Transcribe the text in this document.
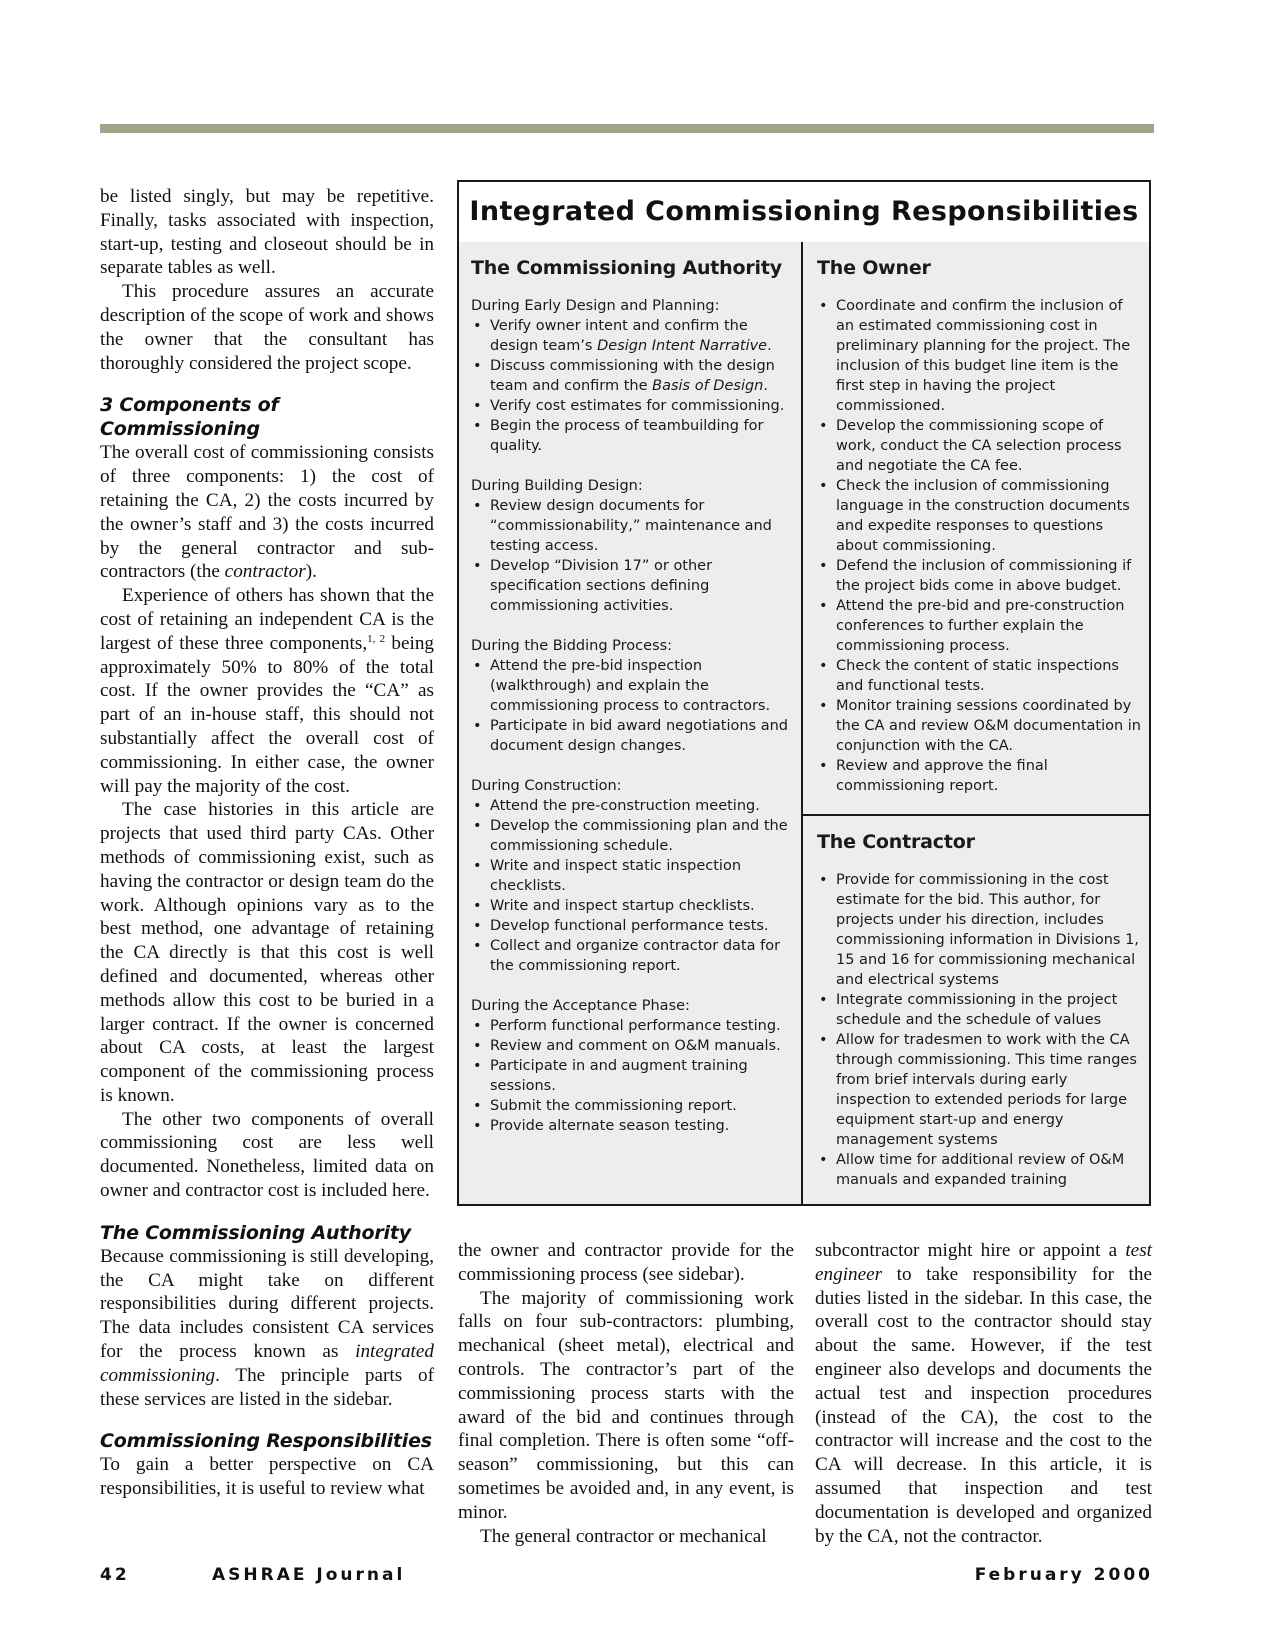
be listed singly, but may be repetitive. Finally, tasks associated with inspection, start-up, testing and closeout should be in separate tables as well.

This procedure assures an accurate description of the scope of work and shows the owner that the consultant has thoroughly considered the project scope.

3 Components of Commissioning

The overall cost of commissioning consists of three components: 1) the cost of retaining the CA, 2) the costs incurred by the owner’s staff and 3) the costs incurred by the general contractor and sub-contractors (the contractor).

Experience of others has shown that the cost of retaining an independent CA is the largest of these three components,$^{1, 2}$ being approximately 50% to 80% of the total cost. If the owner provides the “CA” as part of an in-house staff, this should not substantially affect the overall cost of commissioning. In either case, the owner will pay the majority of the cost.

The case histories in this article are projects that used third party CAs. Other methods of commissioning exist, such as having the contractor or design team do the work. Although opinions vary as to the best method, one advantage of retaining the CA directly is that this cost is well defined and documented, whereas other methods allow this cost to be buried in a larger contract. If the owner is concerned about CA costs, at least the largest component of the commissioning process is known.

The other two components of overall commissioning cost are less well documented. Nonetheless, limited data on owner and contractor cost is included here.

The Commissioning Authority

Because commissioning is still developing, the CA might take on different responsibilities during different projects. The data includes consistent CA services for the process known as integrated commissioning. The principle parts of these services are listed in the sidebar.

Commissioning Responsibilities

To gain a better perspective on CA responsibilities, it is useful to review what

Integrated Commissioning Responsibilities
The Commissioning Authority

During Early Design and Planning:

• Verify owner intent and confirm the design team’s Design Intent Narrative.
• Discuss commissioning with the design team and confirm the Basis of Design.
• Verify cost estimates for commissioning.
• Begin the process of teambuilding for quality.

During Building Design:

• Review design documents for “commissionability,” maintenance and testing access.
• Develop “Division 17” or other specification sections defining commissioning activities.

During the Bidding Process:

• Attend the pre-bid inspection (walkthrough) and explain the commissioning process to contractors.
• Participate in bid award negotiations and document design changes.

During Construction:

• Attend the pre-construction meeting.
• Develop the commissioning plan and the commissioning schedule.
• Write and inspect static inspection checklists.
• Write and inspect startup checklists.
• Develop functional performance tests.
• Collect and organize contractor data for the commissioning report.

During the Acceptance Phase:

• Perform functional performance testing.
• Review and comment on O&M manuals.
• Participate in and augment training sessions.
• Submit the commissioning report.
• Provide alternate season testing.
The Owner
• Coordinate and confirm the inclusion of an estimated commissioning cost in preliminary planning for the project. The inclusion of this budget line item is the first step in having the project commissioned.
• Develop the commissioning scope of work, conduct the CA selection process and negotiate the CA fee.
• Check the inclusion of commissioning language in the construction documents and expedite responses to questions about commissioning.
• Defend the inclusion of commissioning if the project bids come in above budget.
• Attend the pre-bid and pre-construction conferences to further explain the commissioning process.
• Check the content of static inspections and functional tests.
• Monitor training sessions coordinated by the CA and review O&M documentation in conjunction with the CA.
• Review and approve the final commissioning report.
The Contractor
• Provide for commissioning in the cost estimate for the bid. This author, for projects under his direction, includes commissioning information in Divisions 1, 15 and 16 for commissioning mechanical and electrical systems
• Integrate commissioning in the project schedule and the schedule of values
• Allow for tradesmen to work with the CA through commissioning. This time ranges from brief intervals during early inspection to extended periods for large equipment start-up and energy management systems
• Allow time for additional review of O&M manuals and expanded training

the owner and contractor provide for the commissioning process (see sidebar).

The majority of commissioning work falls on four sub-contractors: plumbing, mechanical (sheet metal), electrical and controls. The contractor’s part of the commissioning process starts with the award of the bid and continues through final completion. There is often some “off-season” commissioning, but this can sometimes be avoided and, in any event, is minor.

The general contractor or mechanical

subcontractor might hire or appoint a test engineer to take responsibility for the duties listed in the sidebar. In this case, the overall cost to the contractor should stay about the same. However, if the test engineer also develops and documents the actual test and inspection procedures (instead of the CA), the cost to the contractor will increase and the cost to the CA will decrease. In this article, it is assumed that inspection and test documentation is developed and organized by the CA, not the contractor.

42	ASHRAE Journal	February 2000
